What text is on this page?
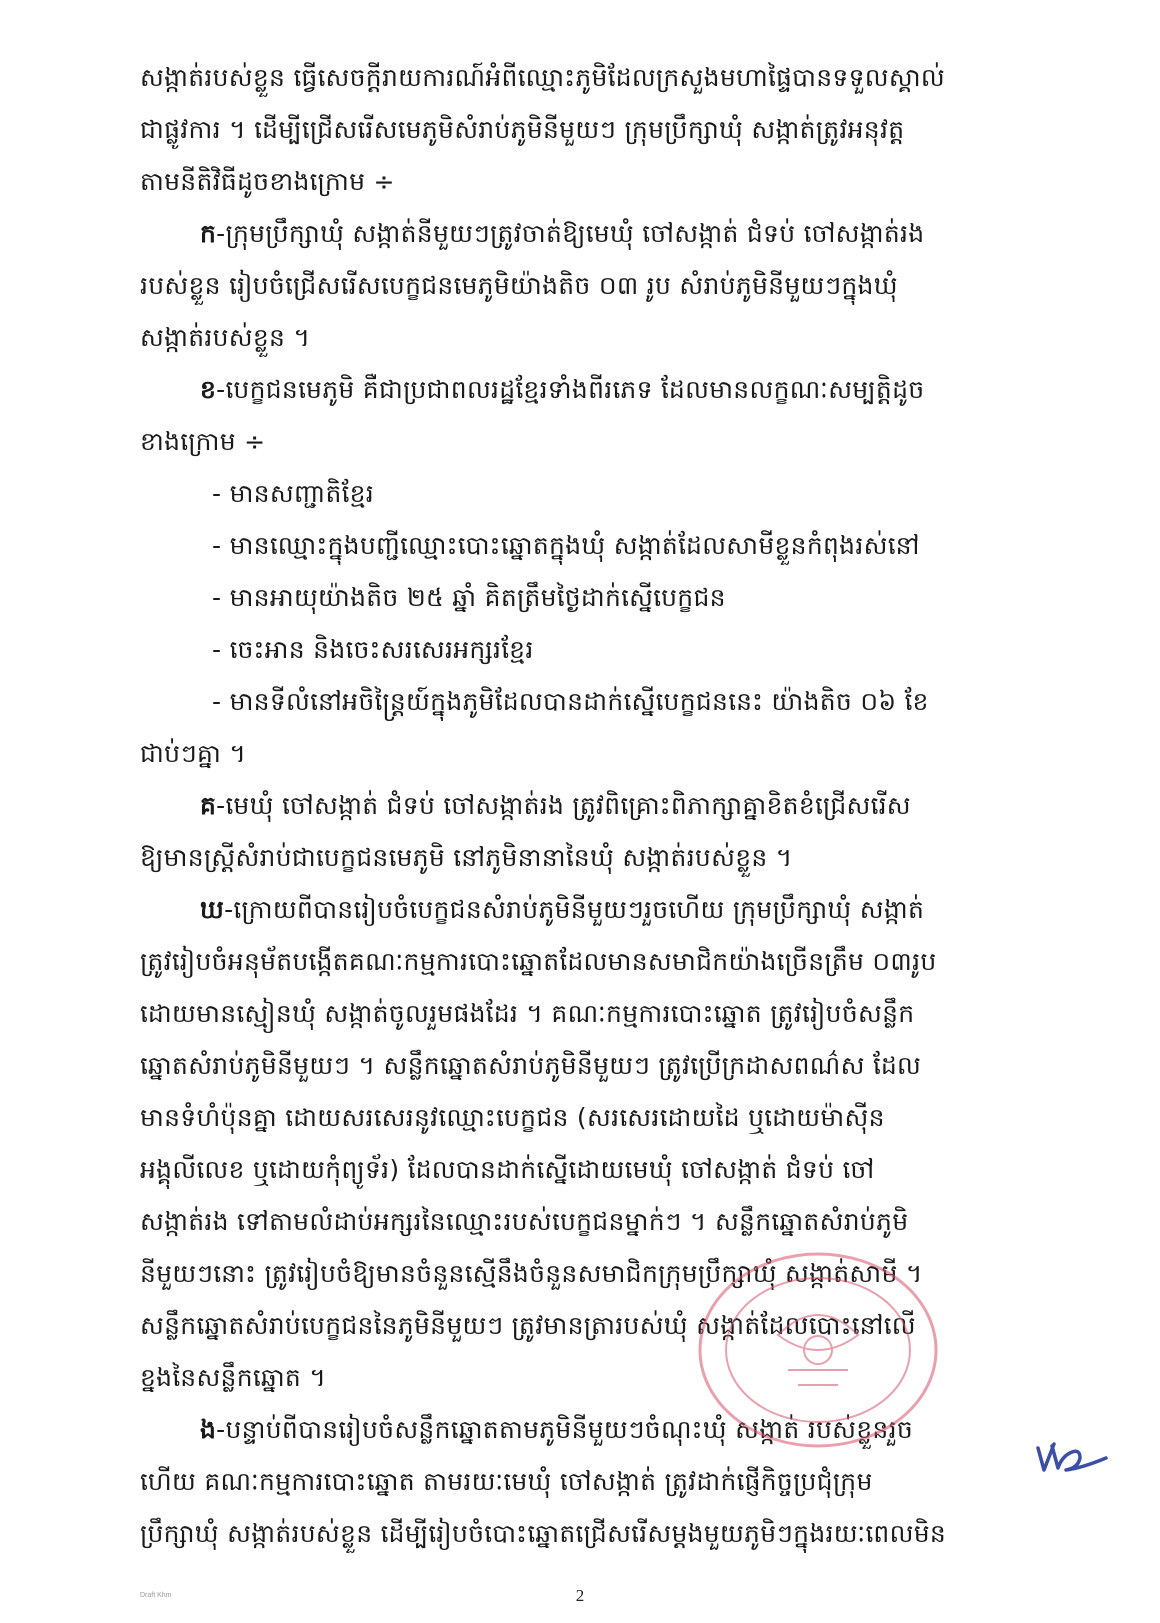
សង្កាត់របស់ខ្លួន ធ្វើសេចក្តីរាយការណ៍អំពីឈ្មោះភូមិដែលក្រសួងមហាផ្ទៃបានទទួលស្គាល់
ជាផ្លូវការ ។ ដើម្បីជ្រើសរើសមេភូមិសំរាប់ភូមិនីមួយៗ ក្រុមប្រឹក្សាឃុំ សង្កាត់ត្រូវអនុវត្ត
តាមនីតិវិធីដូចខាងក្រោម ÷
ក-ក្រុមប្រឹក្សាឃុំ សង្កាត់នីមួយៗត្រូវចាត់ឱ្យមេឃុំ ចៅសង្កាត់ ជំទប់ ចៅសង្កាត់រង
របស់ខ្លួន រៀបចំជ្រើសរើសបេក្ខជនមេភូមិយ៉ាងតិច ០៣ រូប សំរាប់ភូមិនីមួយៗក្នុងឃុំ
សង្កាត់របស់ខ្លួន ។
ខ-បេក្ខជនមេភូមិ គឺជាប្រជាពលរដ្ឋខ្មែរទាំងពីរភេទ ដែលមានលក្ខណៈសម្បត្តិដូច
ខាងក្រោម ÷
- មានសញ្ជាតិខ្មែរ
- មានឈ្មោះក្នុងបញ្ជីឈ្មោះបោះឆ្នោតក្នុងឃុំ សង្កាត់ដែលសាមីខ្លួនកំពុងរស់នៅ
- មានអាយុយ៉ាងតិច ២៥ ឆ្នាំ គិតត្រឹមថ្ងៃដាក់ស្នើបេក្ខជន
- ចេះអាន និងចេះសរសេរអក្សរខ្មែរ
- មានទីលំនៅអចិន្ត្រៃយ៍ក្នុងភូមិដែលបានដាក់ស្នើបេក្ខជននេះ យ៉ាងតិច ០៦ ខែ
ជាប់ៗគ្នា ។
គ-មេឃុំ ចៅសង្កាត់ ជំទប់ ចៅសង្កាត់រង ត្រូវពិគ្រោះពិភាក្សាគ្នាខិតខំជ្រើសរើស
ឱ្យមានស្ត្រីសំរាប់ជាបេក្ខជនមេភូមិ នៅភូមិនានានៃឃុំ សង្កាត់របស់ខ្លួន ។
ឃ-ក្រោយពីបានរៀបចំបេក្ខជនសំរាប់ភូមិនីមួយៗរួចហើយ ក្រុមប្រឹក្សាឃុំ សង្កាត់
ត្រូវរៀបចំអនុម័តបង្កើតគណៈកម្មការបោះឆ្នោតដែលមានសមាជិកយ៉ាងច្រើនត្រឹម ០៣រូប
ដោយមានស្មៀនឃុំ សង្កាត់ចូលរួមផងដែរ ។ គណៈកម្មការបោះឆ្នោត ត្រូវរៀបចំសន្លឹក
ឆ្នោតសំរាប់ភូមិនីមួយៗ ។ សន្លឹកឆ្នោតសំរាប់ភូមិនីមួយៗ ត្រូវប្រើក្រដាសពណ៌ស ដែល
មានទំហំប៉ុនគ្នា ដោយសរសេរនូវឈ្មោះបេក្ខជន (សរសេរដោយដៃ ឬដោយម៉ាស៊ីន
អង្គុលីលេខ ឬដោយកុំព្យូទ័រ) ដែលបានដាក់ស្នើដោយមេឃុំ ចៅសង្កាត់ ជំទប់ ចៅ
សង្កាត់រង ទៅតាមលំដាប់អក្សរនៃឈ្មោះរបស់បេក្ខជនម្នាក់ៗ ។ សន្លឹកឆ្នោតសំរាប់ភូមិ
នីមួយៗនោះ ត្រូវរៀបចំឱ្យមានចំនួនស្មើនឹងចំនួនសមាជិកក្រុមប្រឹក្សាឃុំ សង្កាត់សាមី ។
សន្លឹកឆ្នោតសំរាប់បេក្ខជននៃភូមិនីមួយៗ ត្រូវមានត្រារបស់ឃុំ សង្កាត់ដែលបោះនៅលើ
ខ្នងនៃសន្លឹកឆ្នោត ។
ង-បន្ទាប់ពីបានរៀបចំសន្លឹកឆ្នោតតាមភូមិនីមួយៗចំណុះឃុំ សង្កាត់ របស់ខ្លួនរួច
ហើយ គណៈកម្មការបោះឆ្នោត តាមរយៈមេឃុំ ចៅសង្កាត់ ត្រូវដាក់ផ្ញើកិច្ចប្រជុំក្រុម
ប្រឹក្សាឃុំ សង្កាត់របស់ខ្លួន ដើម្បីរៀបចំបោះឆ្នោតជ្រើសរើសម្តងមួយភូមិៗក្នុងរយៈពេលមិន
Draft Khm	2
